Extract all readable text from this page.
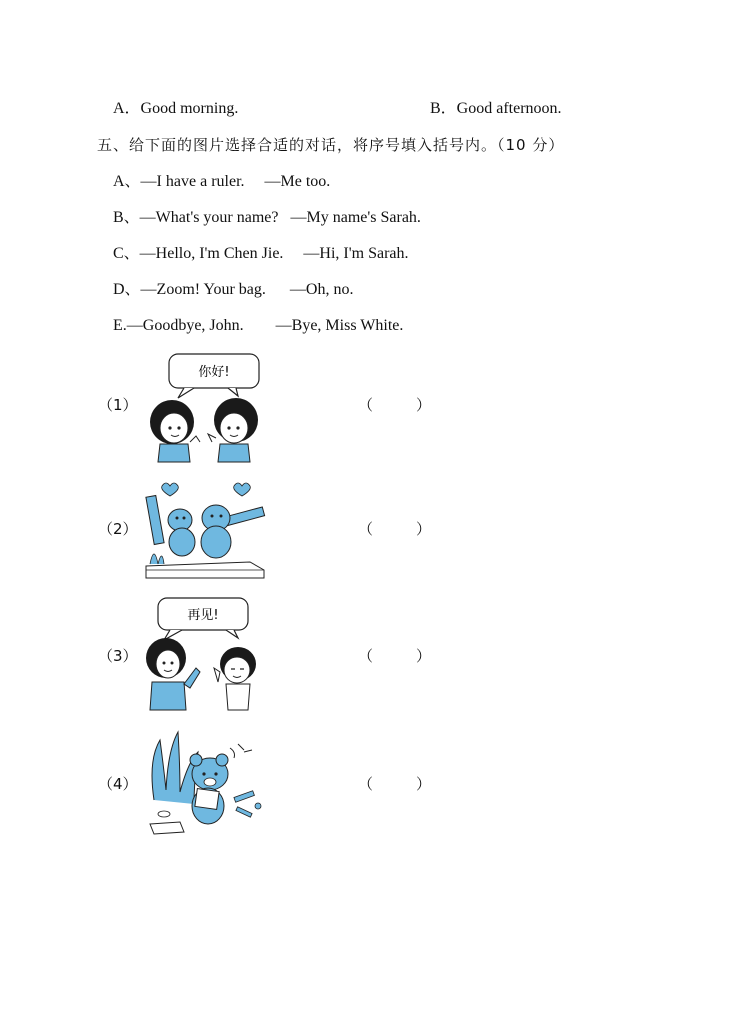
A．Good morning.	B．Good afternoon.
五、给下面的图片选择合适的对话，将序号填入括号内。（10 分）
A、—I have a ruler.     —Me too.
B、—What's your name?   —My name's Sarah.
C、—Hello, I'm Chen Jie.     —Hi, I'm Sarah.
D、—Zoom! Your bag.      —Oh, no.
E.—Goodbye, John.        —Bye, Miss White.
（1）
你好!
（	）
（2）	（	）
（3）
再见!
（	）
（4）	（	）
